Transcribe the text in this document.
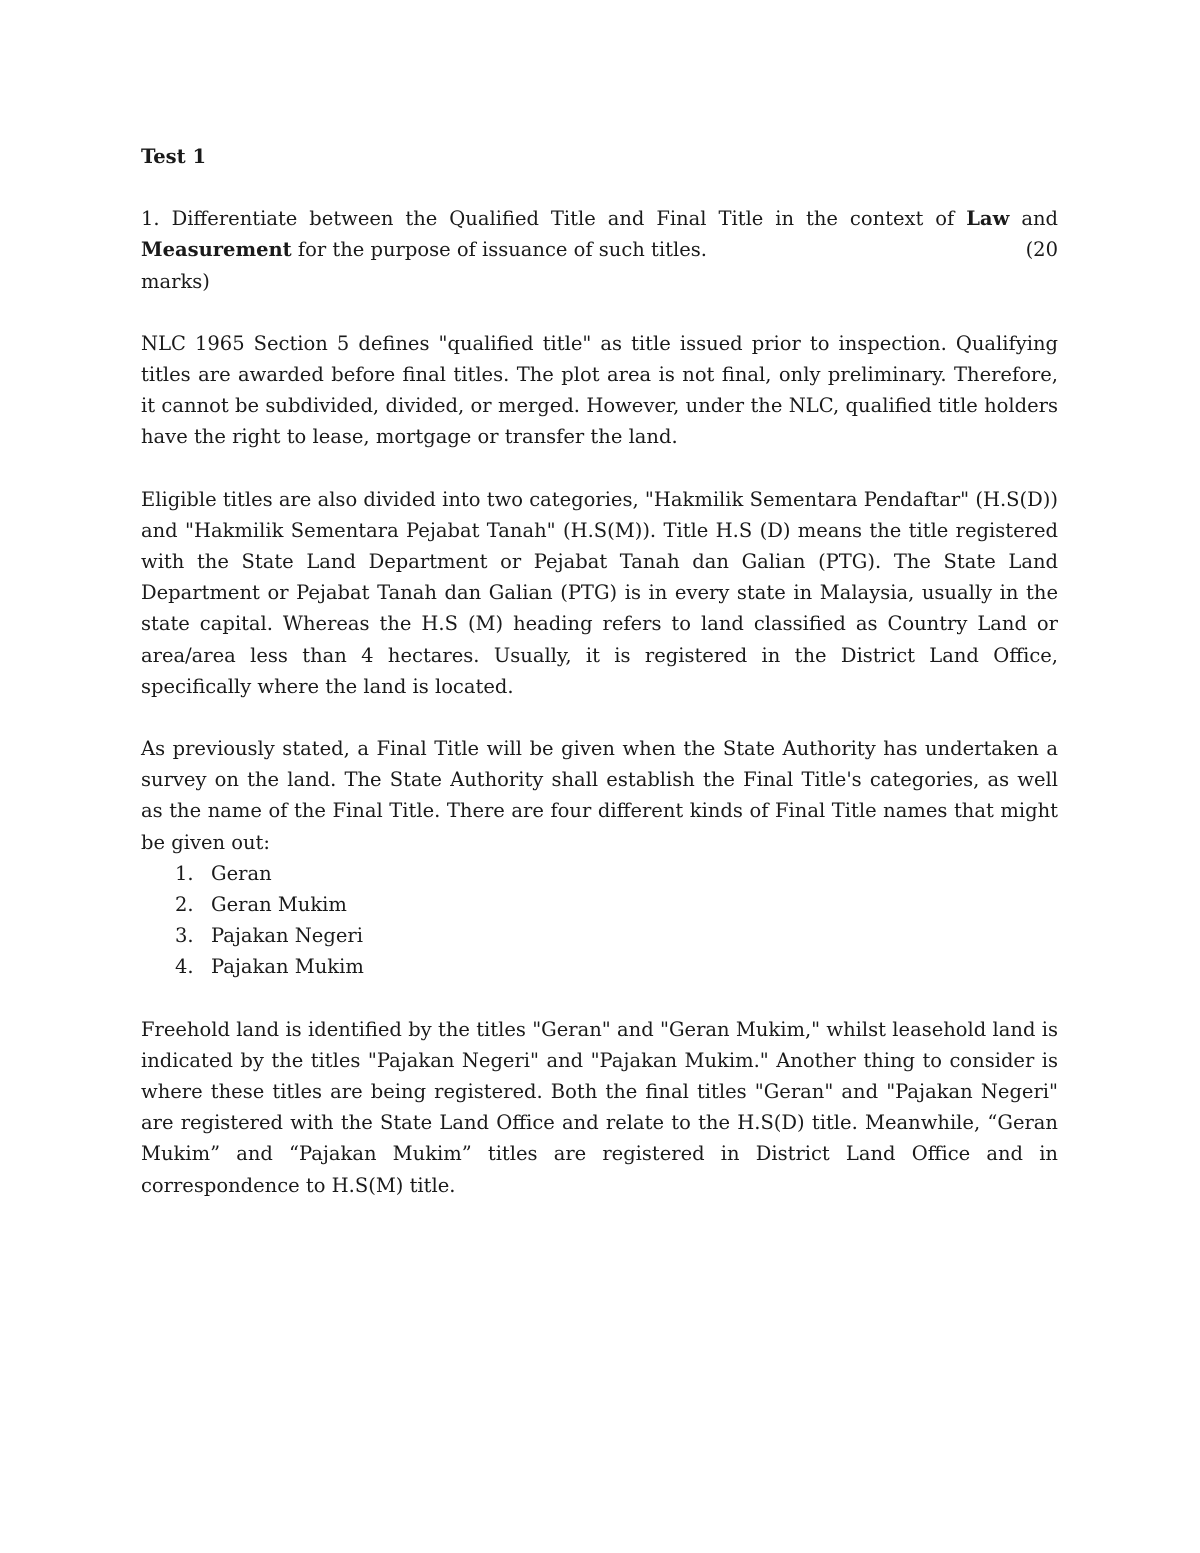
Test 1
1. Differentiate between the Qualified Title and Final Title in the context of Law and Measurement for the purpose of issuance of such titles.	(20
marks)

NLC 1965 Section 5 defines "qualified title" as title issued prior to inspection. Qualifying titles are awarded before final titles. The plot area is not final, only preliminary. Therefore, it cannot be subdivided, divided, or merged. However, under the NLC, qualified title holders have the right to lease, mortgage or transfer the land.

Eligible titles are also divided into two categories, "Hakmilik Sementara Pendaftar" (H.S(D)) and "Hakmilik Sementara Pejabat Tanah" (H.S(M)). Title H.S (D) means the title registered with the State Land Department or Pejabat Tanah dan Galian (PTG). The State Land Department or Pejabat Tanah dan Galian (PTG) is in every state in Malaysia, usually in the state capital. Whereas the H.S (M) heading refers to land classified as Country Land or area/area less than 4 hectares. Usually, it is registered in the District Land Office, specifically where the land is located.

As previously stated, a Final Title will be given when the State Authority has undertaken a survey on the land. The State Authority shall establish the Final Title's categories, as well as the name of the Final Title. There are four different kinds of Final Title names that might be given out:

1. Geran
2. Geran Mukim
3. Pajakan Negeri
4. Pajakan Mukim

Freehold land is identified by the titles "Geran" and "Geran Mukim," whilst leasehold land is indicated by the titles "Pajakan Negeri" and "Pajakan Mukim." Another thing to consider is where these titles are being registered. Both the final titles "Geran" and "Pajakan Negeri" are registered with the State Land Office and relate to the H.S(D) title. Meanwhile, “Geran Mukim” and “Pajakan Mukim” titles are registered in District Land Office and in correspondence to H.S(M) title.
